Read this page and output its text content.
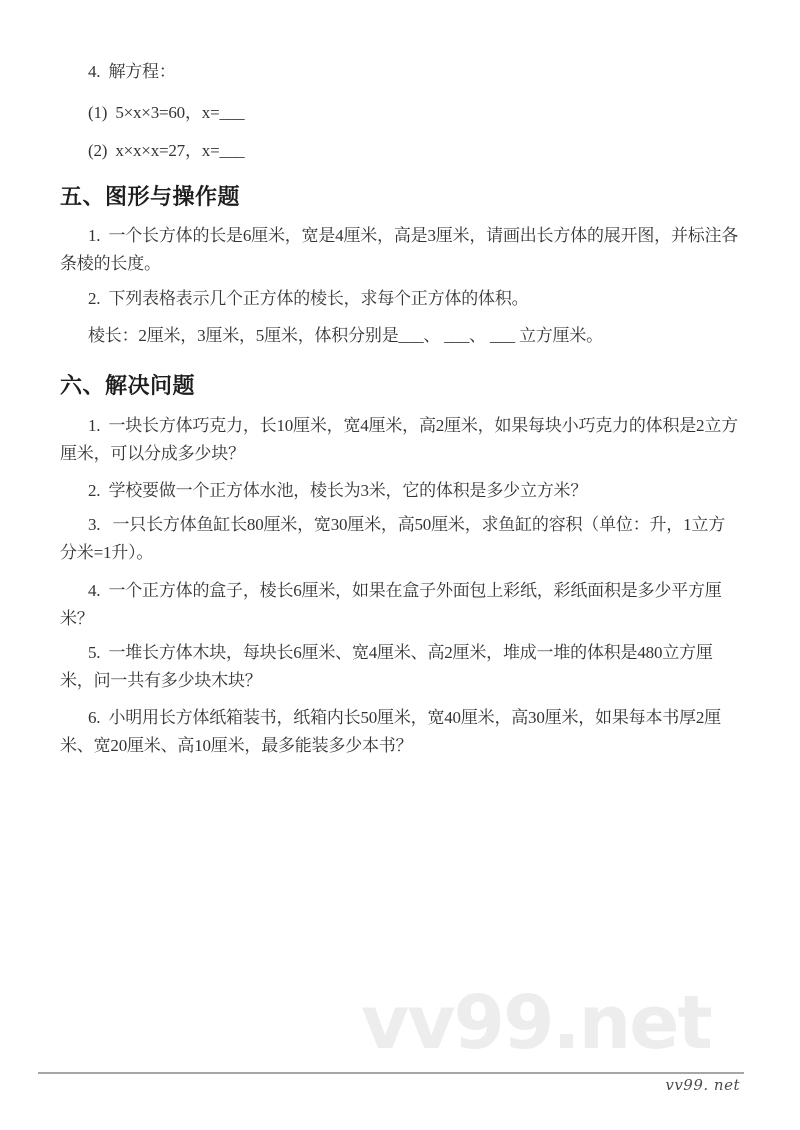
4.  解方程：

(1)  5×x×3=60，x=___

(2)  x×x×x=27，x=___

五、图形与操作题

1.  一个长方体的长是6厘米，宽是4厘米，高是3厘米，请画出长方体的展开图，并标注各条棱的长度。

2.  下列表格表示几个正方体的棱长，求每个正方体的体积。

棱长：2厘米，3厘米，5厘米，体积分别是___、 ___、 ___ 立方厘米。

六、解决问题

1.  一块长方体巧克力，长10厘米，宽4厘米，高2厘米，如果每块小巧克力的体积是2立方厘米，可以分成多少块？

2.  学校要做一个正方体水池，棱长为3米，它的体积是多少立方米？

3.   一只长方体鱼缸长80厘米，宽30厘米，高50厘米，求鱼缸的容积（单位：升，1立方分米=1升）。

4.  一个正方体的盒子，棱长6厘米，如果在盒子外面包上彩纸，彩纸面积是多少平方厘米？

5.  一堆长方体木块，每块长6厘米、宽4厘米、高2厘米，堆成一堆的体积是480立方厘米，问一共有多少块木块？

6.  小明用长方体纸箱装书，纸箱内长50厘米，宽40厘米，高30厘米，如果每本书厚2厘米、宽20厘米、高10厘米，最多能装多少本书？

vv99.net
vv99. net
